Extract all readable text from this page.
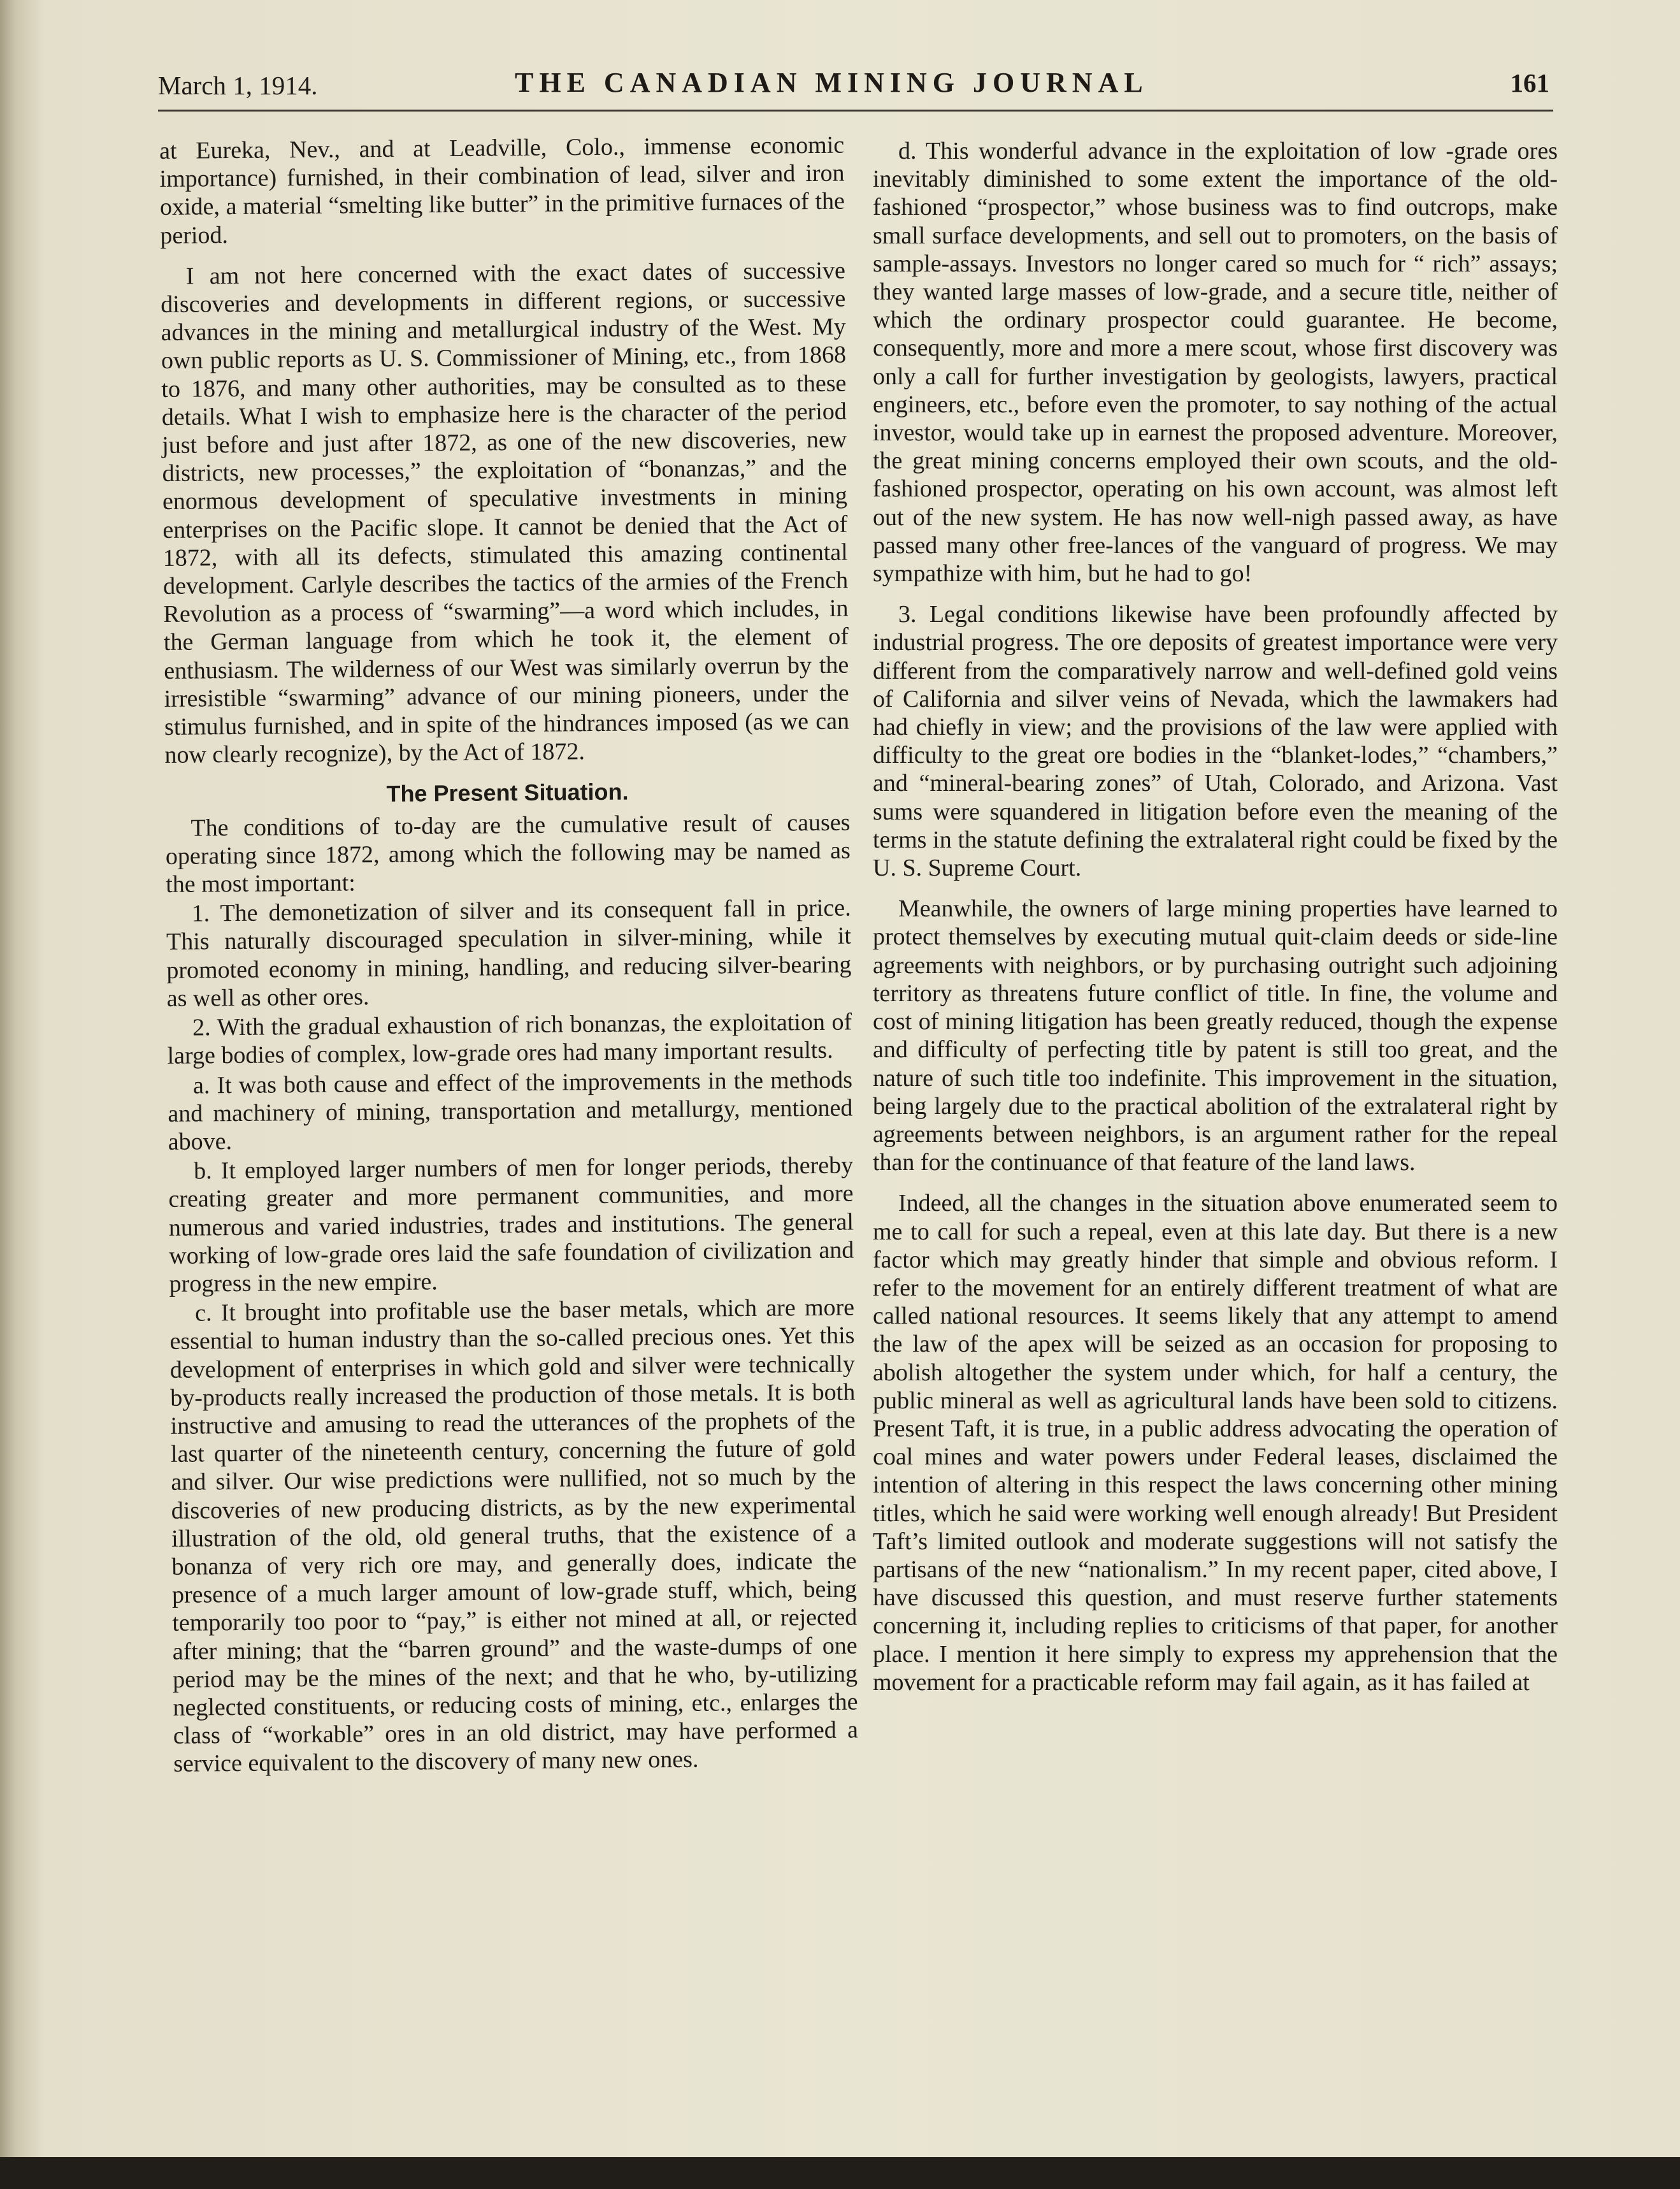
March 1, 1914.	THE CANADIAN MINING JOURNAL	161

at Eureka, Nev., and at Leadville, Colo., immense economic importance) furnished, in their combination of lead, silver and iron oxide, a material “smelting like butter” in the primitive furnaces of the period.

I am not here concerned with the exact dates of successive discoveries and developments in different regions, or successive advances in the mining and metallurgical industry of the West. My own public reports as U. S. Commissioner of Mining, etc., from 1868 to 1876, and many other authorities, may be consulted as to these details. What I wish to emphasize here is the character of the period just before and just after 1872, as one of the new discoveries, new districts, new processes,” the exploitation of “bonanzas,” and the enormous development of speculative investments in mining enterprises on the Pacific slope. It cannot be denied that the Act of 1872, with all its defects, stimulated this amazing continental development. Carlyle describes the tactics of the armies of the French Revolution as a process of “swarming”—a word which includes, in the German language from which he took it, the element of enthusiasm. The wilderness of our West was similarly overrun by the irresistible “swarming” advance of our mining pioneers, under the stimulus furnished, and in spite of the hindrances imposed (as we can now clearly recognize), by the Act of 1872.

The Present Situation.

The conditions of to-day are the cumulative result of causes operating since 1872, among which the following may be named as the most important:

1. The demonetization of silver and its consequent fall in price. This naturally discouraged speculation in silver-mining, while it promoted economy in mining, handling, and reducing silver-bearing as well as other ores.

2. With the gradual exhaustion of rich bonanzas, the exploitation of large bodies of complex, low-grade ores had many important results.

a. It was both cause and effect of the improvements in the methods and machinery of mining, transportation and metallurgy, mentioned above.

b. It employed larger numbers of men for longer periods, thereby creating greater and more permanent communities, and more numerous and varied industries, trades and institutions. The general working of low-grade ores laid the safe foundation of civilization and progress in the new empire.

c. It brought into profitable use the baser metals, which are more essential to human industry than the so-called precious ones. Yet this development of enterprises in which gold and silver were technically by-products really increased the production of those metals. It is both instructive and amusing to read the utterances of the prophets of the last quarter of the nineteenth century, concerning the future of gold and silver. Our wise predictions were nullified, not so much by the discoveries of new producing districts, as by the new experimental illustration of the old, old general truths, that the existence of a bonanza of very rich ore may, and generally does, indicate the presence of a much larger amount of low-grade stuff, which, being temporarily too poor to “pay,” is either not mined at all, or rejected after mining; that the “barren ground” and the waste-dumps of one period may be the mines of the next; and that he who, by-utilizing neglected constituents, or reducing costs of mining, etc., enlarges the class of “workable” ores in an old district, may have performed a service equivalent to the discovery of many new ones.

d. This wonderful advance in the exploitation of low -grade ores inevitably diminished to some extent the importance of the old-fashioned “prospector,” whose business was to find outcrops, make small surface developments, and sell out to promoters, on the basis of sample-assays. Investors no longer cared so much for “ rich” assays; they wanted large masses of low-grade, and a secure title, neither of which the ordinary prospector could guarantee. He become, consequently, more and more a mere scout, whose first discovery was only a call for further investigation by geologists, lawyers, practical engineers, etc., before even the promoter, to say nothing of the actual investor, would take up in earnest the proposed adventure. Moreover, the great mining concerns employed their own scouts, and the old-fashioned prospector, operating on his own account, was almost left out of the new system. He has now well-nigh passed away, as have passed many other free-lances of the vanguard of progress. We may sympathize with him, but he had to go!

3. Legal conditions likewise have been profoundly affected by industrial progress. The ore deposits of greatest importance were very different from the comparatively narrow and well-defined gold veins of California and silver veins of Nevada, which the lawmakers had had chiefly in view; and the provisions of the law were applied with difficulty to the great ore bodies in the “blanket-lodes,” “chambers,” and “mineral-bearing zones” of Utah, Colorado, and Arizona. Vast sums were squandered in litigation before even the meaning of the terms in the statute defining the extralateral right could be fixed by the U. S. Supreme Court.

Meanwhile, the owners of large mining properties have learned to protect themselves by executing mutual quit-claim deeds or side-line agreements with neighbors, or by purchasing outright such adjoining territory as threatens future conflict of title. In fine, the volume and cost of mining litigation has been greatly reduced, though the expense and difficulty of perfecting title by patent is still too great, and the nature of such title too indefinite. This improvement in the situation, being largely due to the practical abolition of the extralateral right by agreements between neighbors, is an argument rather for the repeal than for the continuance of that feature of the land laws.

Indeed, all the changes in the situation above enumerated seem to me to call for such a repeal, even at this late day. But there is a new factor which may greatly hinder that simple and obvious reform. I refer to the movement for an entirely different treatment of what are called national resources. It seems likely that any attempt to amend the law of the apex will be seized as an occasion for proposing to abolish altogether the system under which, for half a century, the public mineral as well as agricultural lands have been sold to citizens. Present Taft, it is true, in a public address advocating the operation of coal mines and water powers under Federal leases, disclaimed the intention of altering in this respect the laws concerning other mining titles, which he said were working well enough already! But President Taft’s limited outlook and moderate suggestions will not satisfy the partisans of the new “nationalism.” In my recent paper, cited above, I have discussed this question, and must reserve further statements concerning it, including replies to criticisms of that paper, for another place. I mention it here simply to express my apprehension that the movement for a practicable reform may fail again, as it has failed at
